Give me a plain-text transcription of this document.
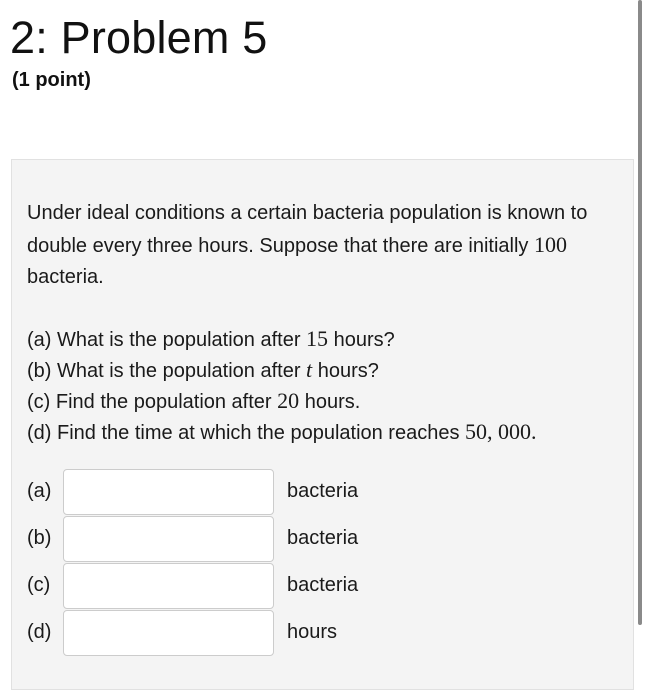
2: Problem 5
(1 point)
Under ideal conditions a certain bacteria population is known to double every three hours. Suppose that there are initially 100 bacteria.
(a) What is the population after 15 hours?
(b) What is the population after t hours?
(c) Find the population after 20 hours.
(d) Find the time at which the population reaches 50, 000.
(a)	bacteria
(b)	bacteria
(c)	bacteria
(d)	hours
